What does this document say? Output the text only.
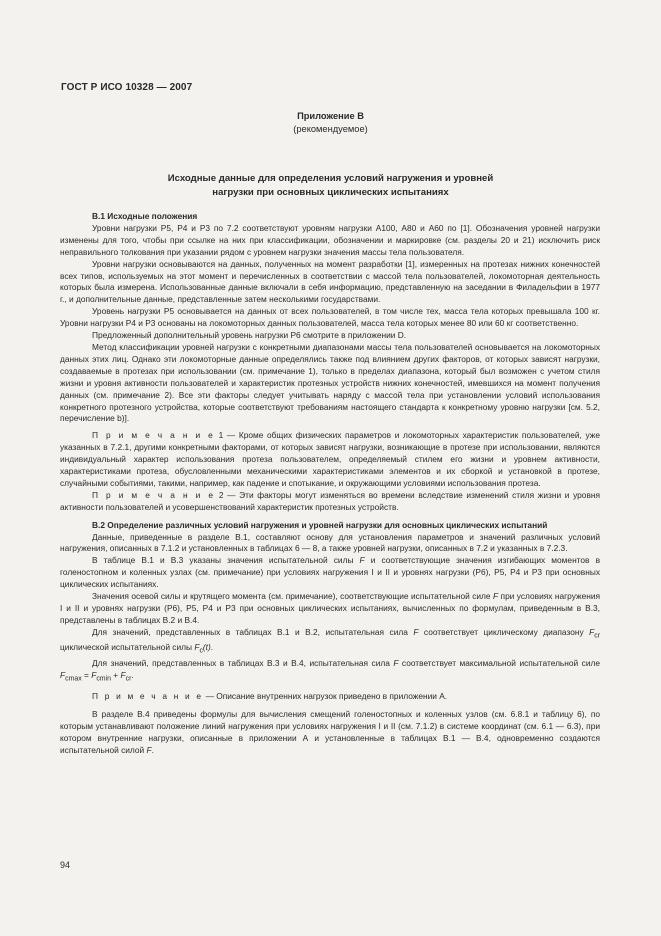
ГОСТ Р ИСО 10328 — 2007
Приложение В
(рекомендуемое)
Исходные данные для определения условий нагружения и уровней
нагрузки при основных циклических испытаниях
В.1 Исходные положения

Уровни нагрузки Р5, Р4 и Р3 по 7.2 соответствуют уровням нагрузки А100, А80 и А60 по [1]. Обозначения уровней нагрузки изменены для того, чтобы при ссылке на них при классификации, обозначении и маркировке (см. разделы 20 и 21) исключить риск неправильного толкования при указании рядом с уровнем нагрузки значения массы тела пользователя.

Уровни нагрузки основываются на данных, полученных на момент разработки [1], измеренных на протезах нижних конечностей всех типов, используемых на этот момент и перечисленных в соответствии с массой тела пользователей, локомоторная деятельность которых была измерена. Использованные данные включали в себя информацию, представленную на заседании в Филадельфии в 1977 г., и дополнительные данные, представленные затем несколькими государствами.

Уровень нагрузки Р5 основывается на данных от всех пользователей, в том числе тех, масса тела которых превышала 100 кг. Уровни нагрузки Р4 и Р3 основаны на локомоторных данных пользователей, масса тела которых менее 80 или 60 кг соответственно.

Предложенный дополнительный уровень нагрузки Р6 смотрите в приложении D.

Метод классификации уровней нагрузки с конкретными диапазонами массы тела пользователей основывается на локомоторных данных этих лиц. Однако эти локомоторные данные определялись также под влиянием других факторов, от которых зависят нагрузки, создаваемые в протезах при использовании (см. примечание 1), только в пределах диапазона, который был возможен с учетом стиля жизни и уровня активности пользователей и характеристик протезных устройств нижних конечностей, имевшихся на момент получения данных (см. примечание 2). Все эти факторы следует учитывать наряду с массой тела при установлении условий использования конкретного протезного устройства, которые соответствуют требованиям настоящего стандарта к конкретному уровню нагрузки [см. 5.2, перечисление b)].

П р и м е ч а н и е 1 — Кроме общих физических параметров и локомоторных характеристик пользователей, уже указанных в 7.2.1, другими конкретными факторами, от которых зависят нагрузки, возникающие в протезе при использовании, являются индивидуальный характер использования протеза пользователем, определяемый стилем его жизни и уровнем активности, характеристиками протеза, обусловленными механическими характеристиками элементов и их сборкой и установкой в протезе, случайными событиями, такими, например, как падение и спотыкание, и окружающими условиями использования протеза.

П р и м е ч а н и е 2 — Эти факторы могут изменяться во времени вследствие изменений стиля жизни и уровня активности пользователей и усовершенствований характеристик протезных устройств.

В.2 Определение различных условий нагружения и уровней нагрузки для основных циклических испытаний

Данные, приведенные в разделе В.1, составляют основу для установления параметров и значений различных условий нагружения, описанных в 7.1.2 и установленных в таблицах 6 — 8, а также уровней нагрузки, описанных в 7.2 и указанных в 7.2.3.

В таблице В.1 и В.3 указаны значения испытательной силы F и соответствующие значения изгибающих моментов в голеностопном и коленных узлах (см. примечание) при условиях нагружения I и II и уровнях нагрузки (Р6), Р5, Р4 и Р3 при основных циклических испытаниях.

Значения осевой силы и крутящего момента (см. примечание), соответствующие испытательной силе F при условиях нагружения I и II и уровнях нагрузки (Р6), Р5, Р4 и Р3 при основных циклических испытаниях, вычисленных по формулам, приведенным в В.3, представлены в таблицах В.2 и В.4.

Для значений, представленных в таблицах В.1 и В.2, испытательная сила F соответствует циклическому диапазону $F_{cr}$ циклической испытательной силы $F_c(t)$.

Для значений, представленных в таблицах В.3 и В.4, испытательная сила F соответствует максимальной испытательной силе $F_{cmax} = F_{cmin} + F_{cr}$.

П р и м е ч а н и е — Описание внутренних нагрузок приведено в приложении А.

В разделе В.4 приведены формулы для вычисления смещений голеностопных и коленных узлов (см. 6.8.1 и таблицу 6), по которым устанавливают положение линий нагружения при условиях нагружения I и II (см. 7.1.2) в системе координат (см. 6.1 — 6.3), при котором внутренние нагрузки, описанные в приложении А и установленные в таблицах В.1 — В.4, одновременно создаются испытательной силой F.

94
